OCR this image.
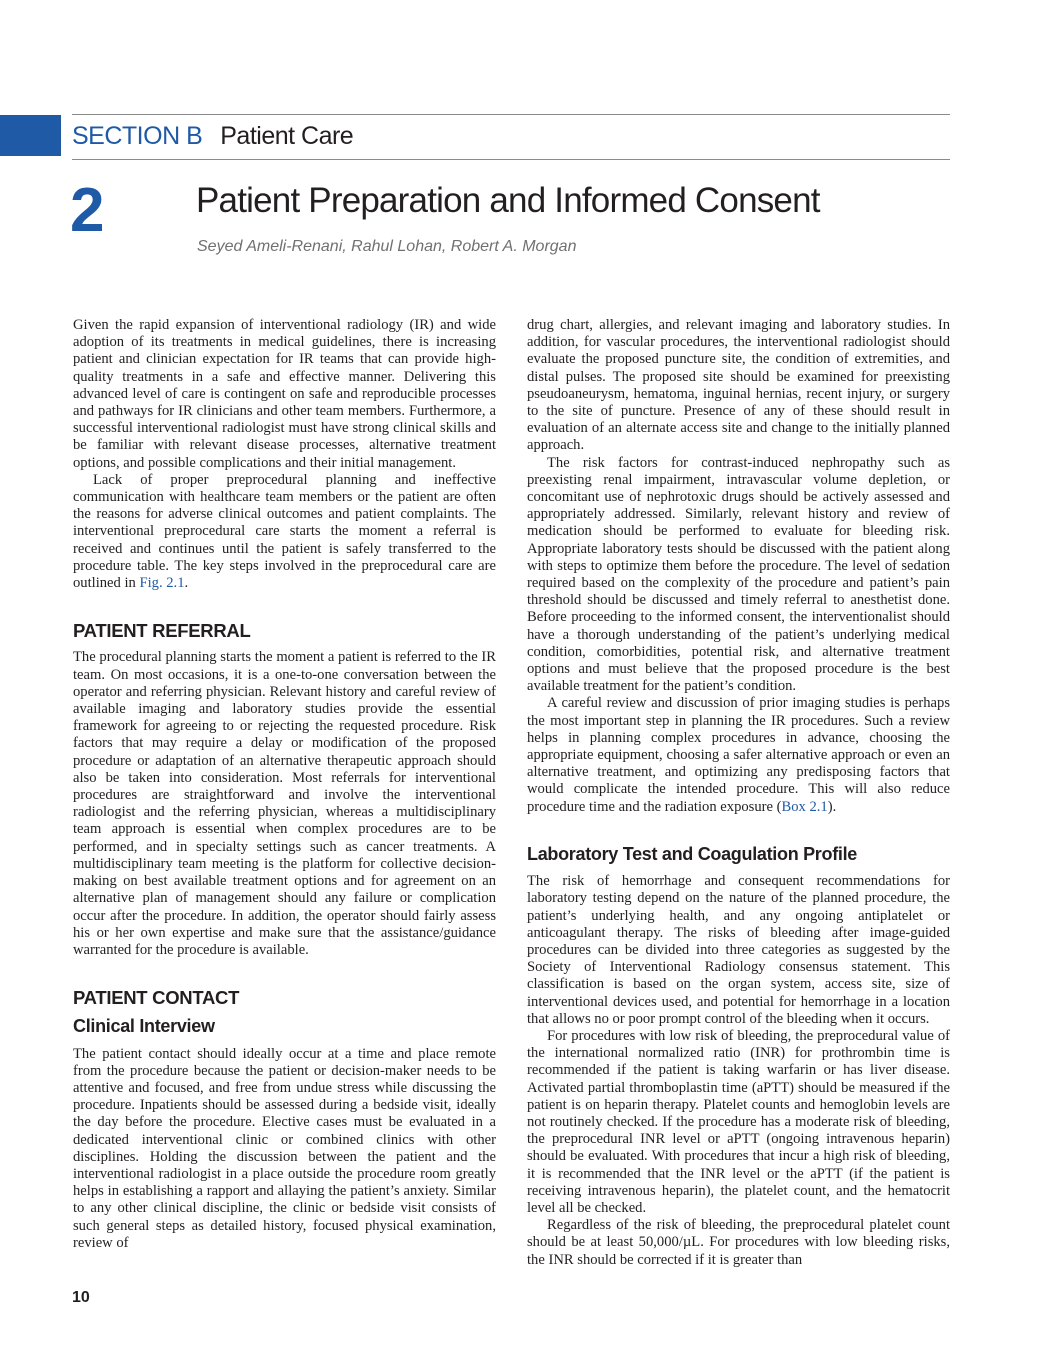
SECTION B Patient Care
2	Patient Preparation and Informed Consent
Seyed Ameli-Renani, Rahul Lohan, Robert A. Morgan

Given the rapid expansion of interventional radiology (IR) and wide adoption of its treatments in medical guidelines, there is increasing patient and clinician expectation for IR teams that can provide high-quality treatments in a safe and effective manner. Delivering this advanced level of care is contingent on safe and reproducible processes and pathways for IR clinicians and other team members. Furthermore, a successful interventional radiologist must have strong clinical skills and be familiar with relevant disease processes, alternative treatment options, and possible complications and their initial management.

Lack of proper preprocedural planning and ineffective communication with healthcare team members or the patient are often the reasons for adverse clinical outcomes and patient complaints. The interventional preprocedural care starts the moment a referral is received and continues until the patient is safely transferred to the procedure table. The key steps involved in the preprocedural care are outlined in Fig. 2.1.

PATIENT REFERRAL

The procedural planning starts the moment a patient is referred to the IR team. On most occasions, it is a one-to-one conversation between the operator and referring physician. Relevant history and careful review of available imaging and laboratory studies provide the essential framework for agreeing to or rejecting the requested procedure. Risk factors that may require a delay or modification of the proposed procedure or adaptation of an alternative therapeutic approach should also be taken into consideration. Most referrals for interventional procedures are straightforward and involve the interventional radiologist and the referring physician, whereas a multidisciplinary team approach is essential when complex procedures are to be performed, and in specialty settings such as cancer treatments. A multidisciplinary team meeting is the platform for collective decision-making on best available treatment options and for agreement on an alternative plan of management should any failure or complication occur after the procedure. In addition, the operator should fairly assess his or her own expertise and make sure that the assistance/guidance warranted for the procedure is available.

PATIENT CONTACT
Clinical Interview

The patient contact should ideally occur at a time and place remote from the procedure because the patient or decision-maker needs to be attentive and focused, and free from undue stress while discussing the procedure. Inpatients should be assessed during a bedside visit, ideally the day before the procedure. Elective cases must be evaluated in a dedicated interventional clinic or combined clinics with other disciplines. Holding the discussion between the patient and the interventional radiologist in a place outside the procedure room greatly helps in establishing a rapport and allaying the patient’s anxiety. Similar to any other clinical discipline, the clinic or bedside visit consists of such general steps as detailed history, focused physical examination, review of

drug chart, allergies, and relevant imaging and laboratory studies. In addition, for vascular procedures, the interventional radiologist should evaluate the proposed puncture site, the condition of extremities, and distal pulses. The proposed site should be examined for preexisting pseudoaneurysm, hematoma, inguinal hernias, recent injury, or surgery to the site of puncture. Presence of any of these should result in evaluation of an alternate access site and change to the initially planned approach.

The risk factors for contrast-induced nephropathy such as preexisting renal impairment, intravascular volume depletion, or concomitant use of nephrotoxic drugs should be actively assessed and appropriately addressed. Similarly, relevant history and review of medication should be performed to evaluate for bleeding risk. Appropriate laboratory tests should be discussed with the patient along with steps to optimize them before the procedure. The level of sedation required based on the complexity of the procedure and patient’s pain threshold should be discussed and timely referral to anesthetist done. Before proceeding to the informed consent, the interventionalist should have a thorough understanding of the patient’s underlying medical condition, comorbidities, potential risk, and alternative treatment options and must believe that the proposed procedure is the best available treatment for the patient’s condition.

A careful review and discussion of prior imaging studies is perhaps the most important step in planning the IR procedures. Such a review helps in planning complex procedures in advance, choosing the appropriate equipment, choosing a safer alternative approach or even an alternative treatment, and optimizing any predisposing factors that would complicate the intended procedure. This will also reduce procedure time and the radiation exposure (Box 2.1).

Laboratory Test and Coagulation Profile

The risk of hemorrhage and consequent recommendations for laboratory testing depend on the nature of the planned procedure, the patient’s underlying health, and any ongoing antiplatelet or anticoagulant therapy. The risks of bleeding after image-guided procedures can be divided into three categories as suggested by the Society of Interventional Radiology consensus statement. This classification is based on the organ system, access site, size of interventional devices used, and potential for hemorrhage in a location that allows no or poor prompt control of the bleeding when it occurs.

For procedures with low risk of bleeding, the preprocedural value of the international normalized ratio (INR) for prothrombin time is recommended if the patient is taking warfarin or has liver disease. Activated partial thromboplastin time (aPTT) should be measured if the patient is on heparin therapy. Platelet counts and hemoglobin levels are not routinely checked. If the procedure has a moderate risk of bleeding, the preprocedural INR level or aPTT (ongoing intravenous heparin) should be evaluated. With procedures that incur a high risk of bleeding, it is recommended that the INR level or the aPTT (if the patient is receiving intravenous heparin), the platelet count, and the hematocrit level all be checked.

Regardless of the risk of bleeding, the preprocedural platelet count should be at least 50,000/µL. For procedures with low bleeding risks, the INR should be corrected if it is greater than

10
